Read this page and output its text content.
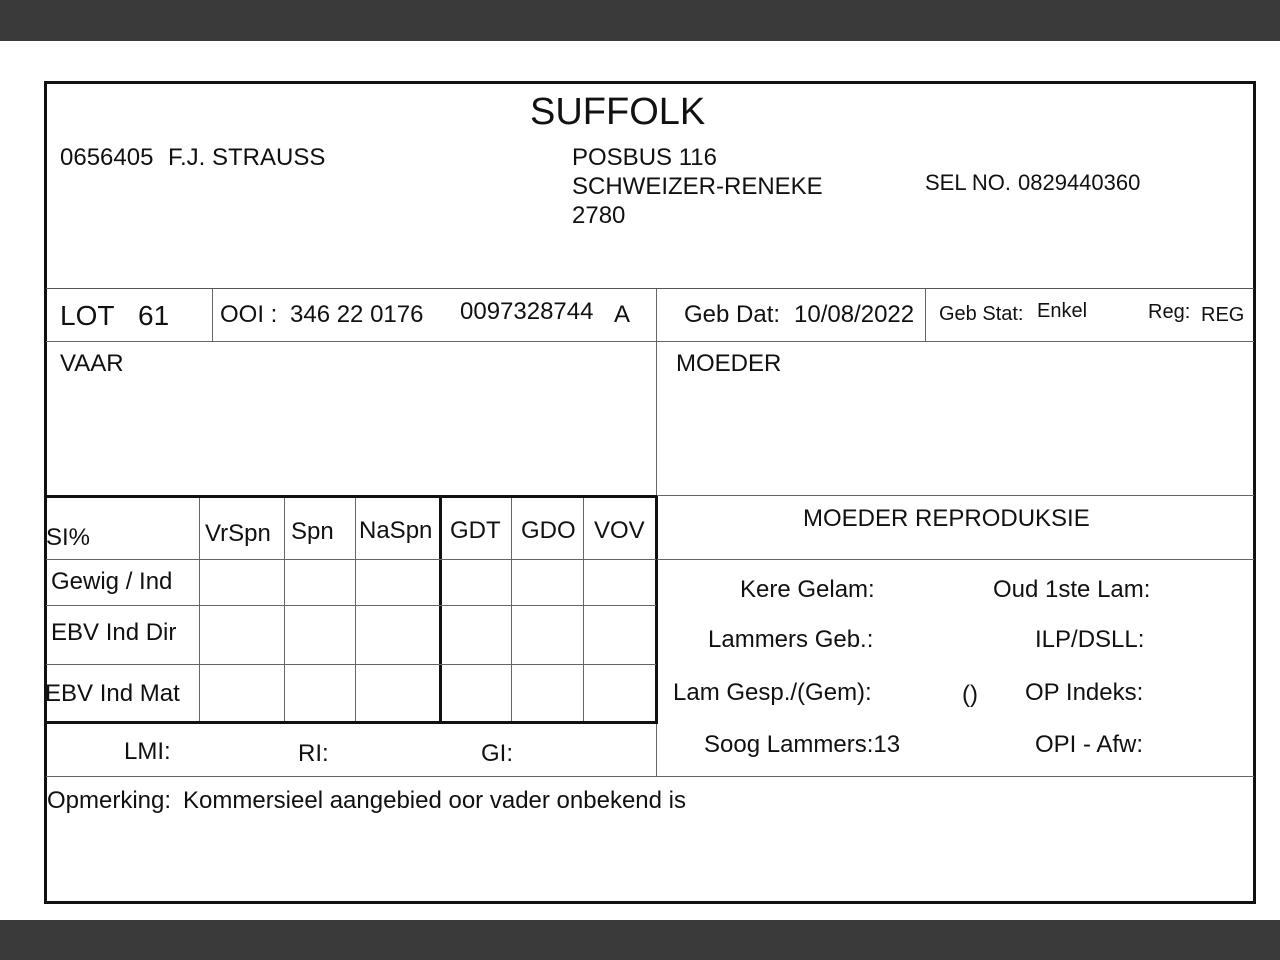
SUFFOLK
0656405 F.J. STRAUSS	POSBUS 116
SCHWEIZER-RENEKE
2780
SEL NO. 0829440360
LOT 61 OOI : 346 22 0176 0097328744 A Geb Dat: 10/08/2022 Geb Stat: Enkel	Reg: REG
VAAR	MOEDER
SI%	VrSpn Spn NaSpn GDT GDO VOV
Gewig / Ind
EBV Ind Dir
EBV Ind Mat
LMI:	RI:	GI:
MOEDER REPRODUKSIE
Kere Gelam:	Oud 1ste Lam:
Lammers Geb.:	ILP/DSLL:
Lam Gesp./(Gem):	() OP Indeks:
Soog Lammers:13	OPI - Afw:
Opmerking: Kommersieel aangebied oor vader onbekend is
